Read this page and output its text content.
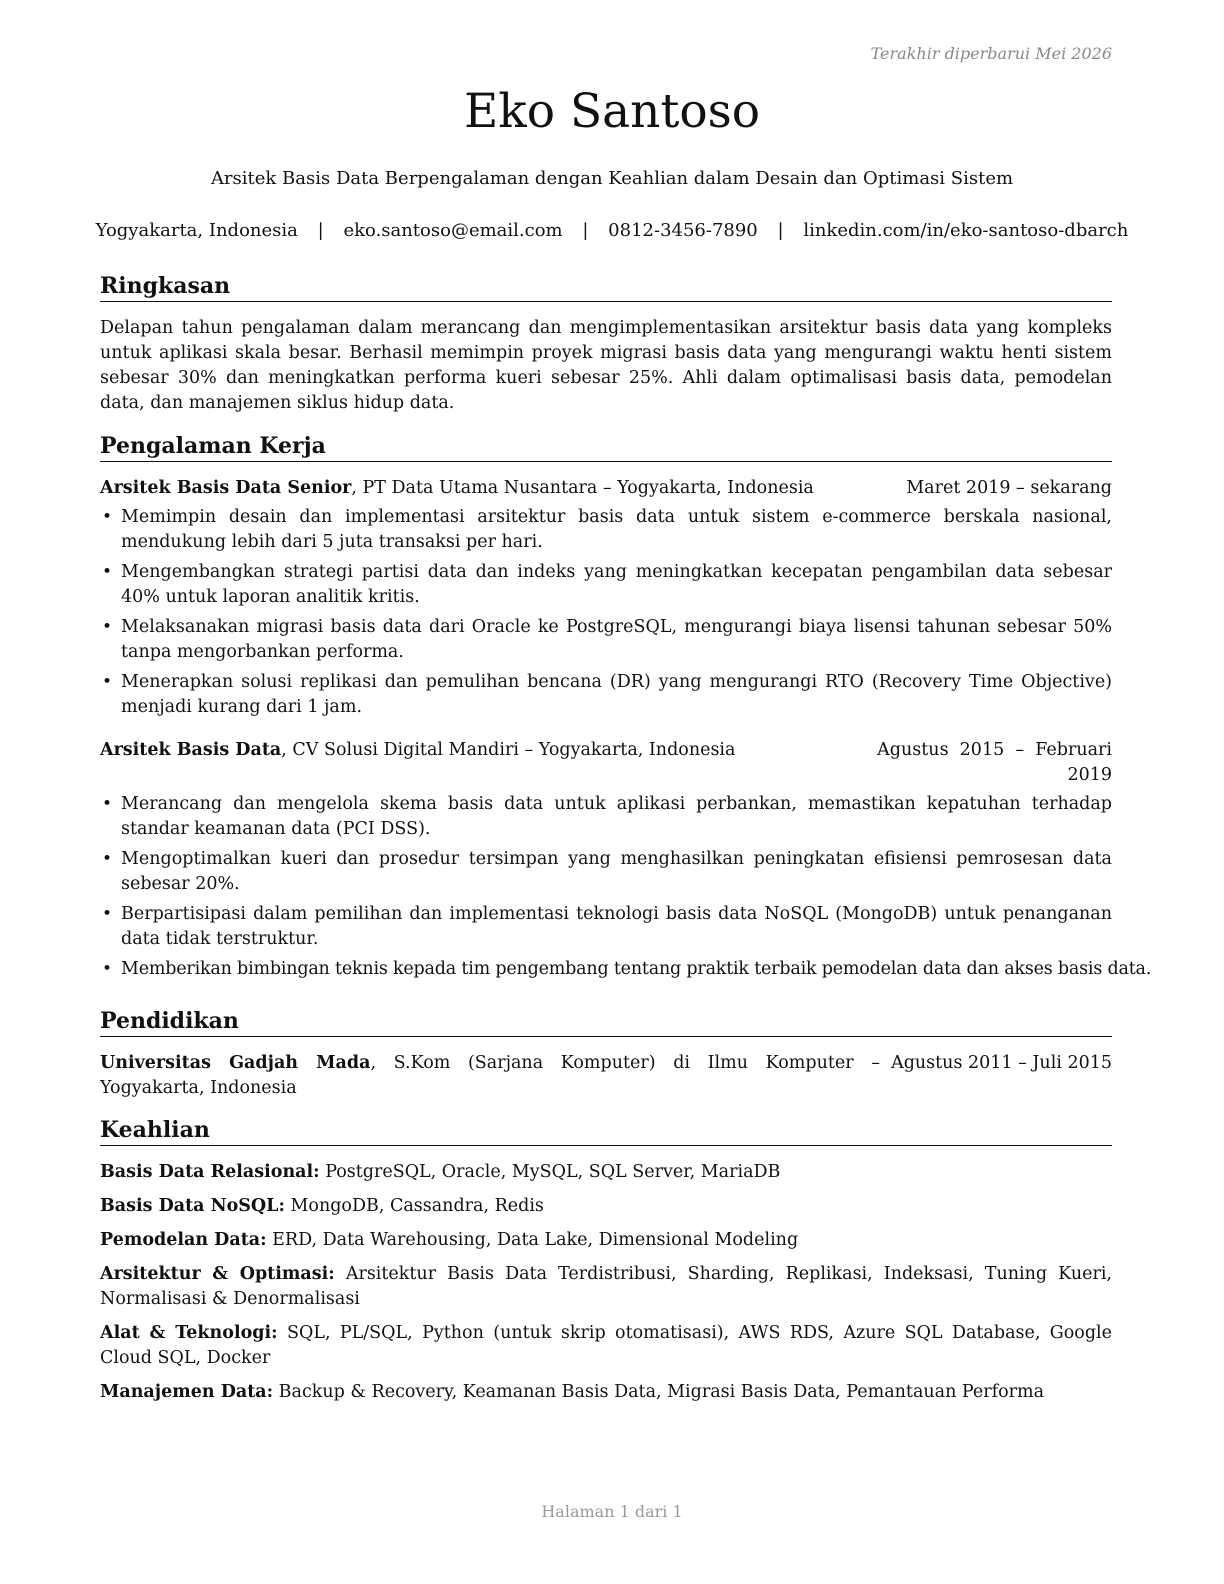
Terakhir diperbarui Mei 2026
Eko Santoso
Arsitek Basis Data Berpengalaman dengan Keahlian dalam Desain dan Optimasi Sistem
Yogyakarta, Indonesia | eko.santoso@email.com | 0812-3456-7890 | linkedin.com/in/eko-santoso-dbarch
Ringkasan

Delapan tahun pengalaman dalam merancang dan mengimplementasikan arsitektur basis data yang kompleks untuk aplikasi skala besar. Berhasil memimpin proyek migrasi basis data yang mengurangi waktu henti sistem sebesar 30% dan meningkatkan performa kueri sebesar 25%. Ahli dalam optimalisasi basis data, pemodelan data, dan manajemen siklus hidup data.

Pengalaman Kerja
Arsitek Basis Data Senior, PT Data Utama Nusantara – Yogyakarta, Indonesia	Maret 2019 – sekarang
• Memimpin desain dan implementasi arsitektur basis data untuk sistem e-commerce berskala nasional, mendukung lebih dari 5 juta transaksi per hari.
• Mengembangkan strategi partisi data dan indeks yang meningkatkan kecepatan pengambilan data sebesar 40% untuk laporan analitik kritis.
• Melaksanakan migrasi basis data dari Oracle ke PostgreSQL, mengurangi biaya lisensi tahunan sebesar 50% tanpa mengorbankan performa.
• Menerapkan solusi replikasi dan pemulihan bencana (DR) yang mengurangi RTO (Recovery Time Objective) menjadi kurang dari 1 jam.
Arsitek Basis Data, CV Solusi Digital Mandiri – Yogyakarta, Indonesia	Agustus  2015  –  Februari
2019
• Merancang dan mengelola skema basis data untuk aplikasi perbankan, memastikan kepatuhan terhadap standar keamanan data (PCI DSS).
• Mengoptimalkan kueri dan prosedur tersimpan yang menghasilkan peningkatan efisiensi pemrosesan data sebesar 20%.
• Berpartisipasi dalam pemilihan dan implementasi teknologi basis data NoSQL (MongoDB) untuk penanganan data tidak terstruktur.
• Memberikan bimbingan teknis kepada tim pengembang tentang praktik terbaik pemodelan data dan akses basis data.
Pendidikan
Universitas Gadjah Mada, S.Kom (Sarjana Komputer) di Ilmu Komputer – Yogyakarta, Indonesia
Agustus 2011 – Juli 2015
Keahlian

Basis Data Relasional: PostgreSQL, Oracle, MySQL, SQL Server, MariaDB

Basis Data NoSQL: MongoDB, Cassandra, Redis

Pemodelan Data: ERD, Data Warehousing, Data Lake, Dimensional Modeling

Arsitektur & Optimasi: Arsitektur Basis Data Terdistribusi, Sharding, Replikasi, Indeksasi, Tuning Kueri, Normalisasi & Denormalisasi

Alat & Teknologi: SQL, PL/SQL, Python (untuk skrip otomatisasi), AWS RDS, Azure SQL Database, Google Cloud SQL, Docker

Manajemen Data: Backup & Recovery, Keamanan Basis Data, Migrasi Basis Data, Pemantauan Performa

Halaman 1 dari 1
